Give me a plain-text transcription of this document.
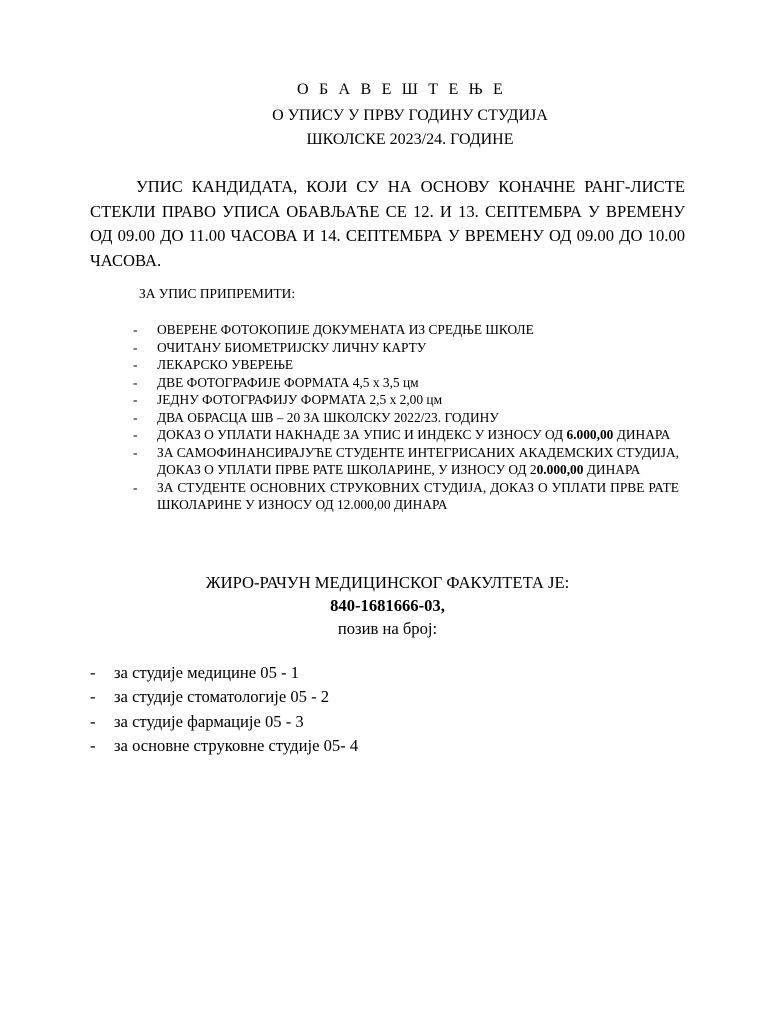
О Б А В Е Ш Т Е Њ Е
О УПИСУ У ПРВУ ГОДИНУ СТУДИЈА
ШКОЛСКЕ 2023/24. ГОДИНЕ

УПИС КАНДИДАТА, КОЈИ СУ НА ОСНОВУ КОНАЧНЕ РАНГ-ЛИСТЕ СТЕКЛИ ПРАВО УПИСА ОБАВЉАЋЕ СЕ 12. И 13. СЕПТЕМБРА У ВРЕМЕНУ ОД 09.00 ДО 11.00 ЧАСОВА И 14. СЕПТЕМБРА У ВРЕМЕНУ ОД 09.00 ДО 10.00 ЧАСОВА.

ЗА УПИС ПРИПРЕМИТИ:
- ОВЕРЕНЕ ФОТОКОПИЈЕ ДОКУМЕНАТА ИЗ СРЕДЊЕ ШКОЛЕ
- ОЧИТАНУ БИОМЕТРИЈСКУ ЛИЧНУ КАРТУ
- ЛЕКАРСКО УВЕРЕЊЕ
- ДВЕ ФОТОГРАФИЈЕ ФОРМАТА 4,5 x 3,5 цм
- ЈЕДНУ ФОТОГРАФИЈУ ФОРМАТА 2,5 x 2,00 цм
- ДВА ОБРАСЦА ШВ – 20 ЗА ШКОЛСКУ 2022/23. ГОДИНУ
- ДОКАЗ О УПЛАТИ НАКНАДЕ ЗА УПИС И ИНДЕКС У ИЗНОСУ ОД 6.000,00 ДИНАРА
- ЗА САМОФИНАНСИРАЈУЋЕ СТУДЕНТЕ ИНТЕГРИСАНИХ АКАДЕМСКИХ СТУДИЈА, ДОКАЗ О УПЛАТИ ПРВЕ РАТЕ ШКОЛАРИНЕ, У ИЗНОСУ ОД 20.000,00 ДИНАРА
- ЗА СТУДЕНТЕ ОСНОВНИХ СТРУКОВНИХ СТУДИЈА, ДОКАЗ О УПЛАТИ ПРВЕ РАТЕ ШКОЛАРИНЕ У ИЗНОСУ ОД 12.000,00 ДИНАРА
ЖИРО-РАЧУН МЕДИЦИНСКОГ ФАКУЛТЕТА ЈЕ:
840-1681666-03,
позив на број:
- за студије медицине 05 - 1
- за студије стоматологије 05 - 2
- за студије фармације 05 - 3
- за основне струковне студије 05- 4
